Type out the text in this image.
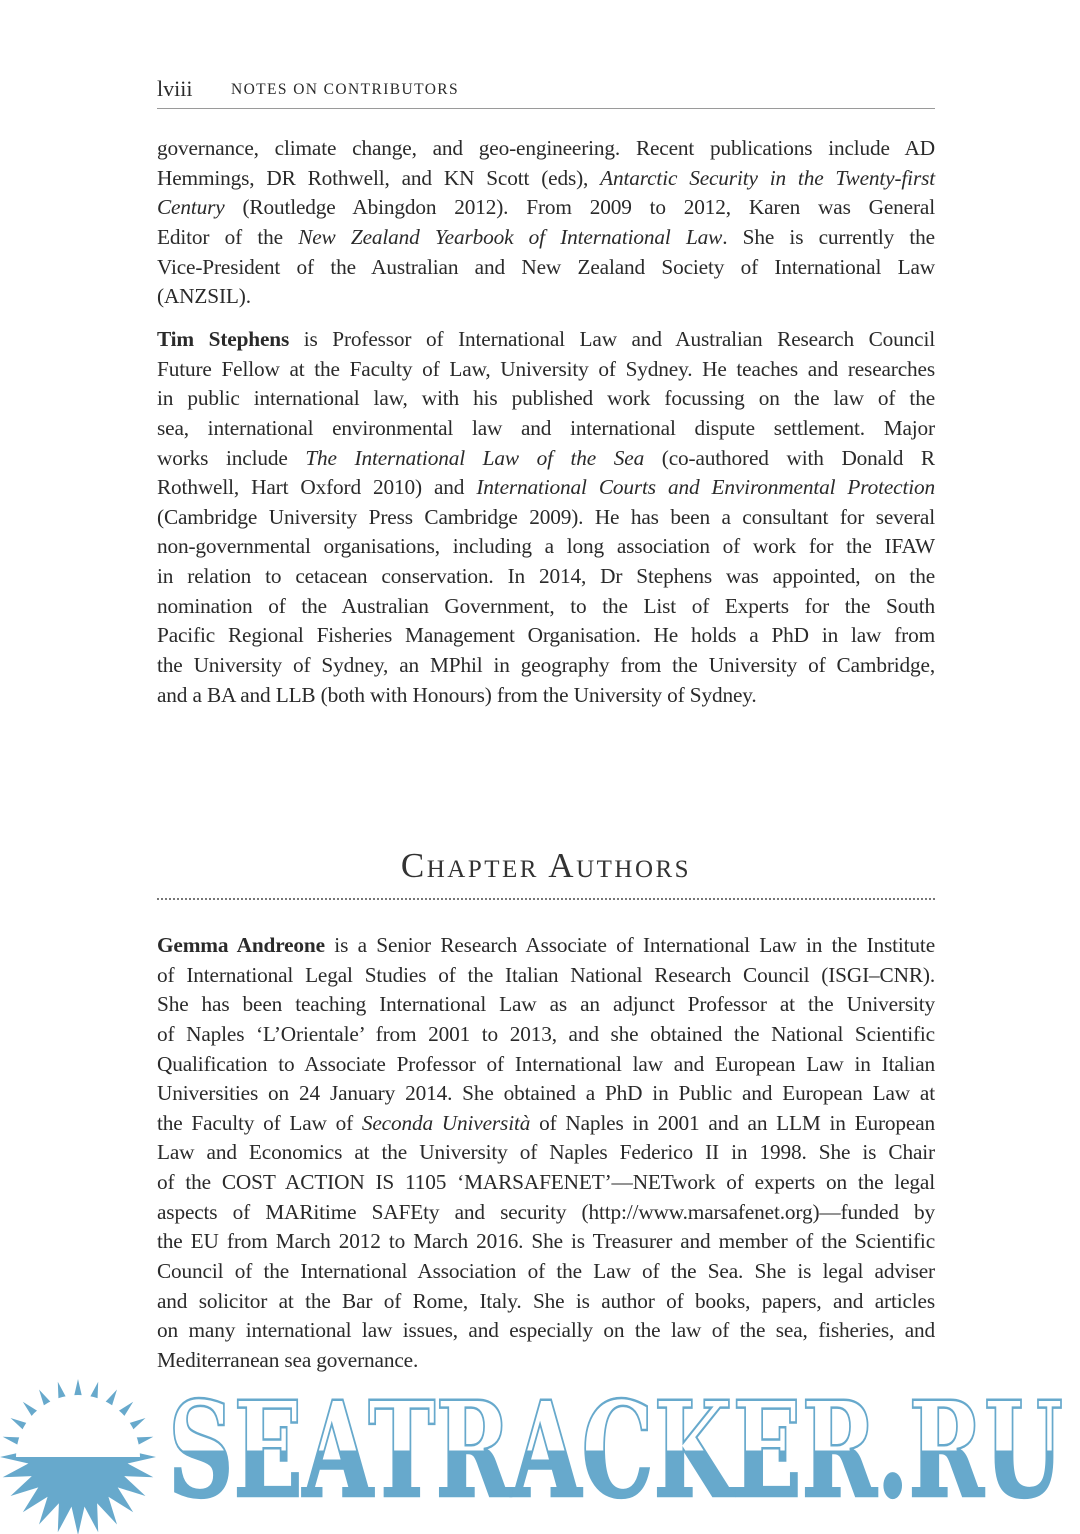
lviii NOTES ON CONTRIBUTORS
governance, climate change, and geo-engineering. Recent publications include AD
Hemmings, DR Rothwell, and KN Scott (eds), Antarctic Security in the Twenty-first
Century (Routledge Abingdon 2012). From 2009 to 2012, Karen was General
Editor of the New Zealand Yearbook of International Law. She is currently the
Vice-President of the Australian and New Zealand Society of International Law
(ANZSIL).
Tim Stephens is Professor of International Law and Australian Research Council
Future Fellow at the Faculty of Law, University of Sydney. He teaches and researches
in public international law, with his published work focussing on the law of the
sea, international environmental law and international dispute settlement. Major
works include The International Law of the Sea (co-authored with Donald R
Rothwell, Hart Oxford 2010) and International Courts and Environmental Protection
(Cambridge University Press Cambridge 2009). He has been a consultant for several
non-governmental organisations, including a long association of work for the IFAW
in relation to cetacean conservation. In 2014, Dr Stephens was appointed, on the
nomination of the Australian Government, to the List of Experts for the South
Pacific Regional Fisheries Management Organisation. He holds a PhD in law from
the University of Sydney, an MPhil in geography from the University of Cambridge,
and a BA and LLB (both with Honours) from the University of Sydney.
Chapter Authors
Gemma Andreone is a Senior Research Associate of International Law in the Institute
of International Legal Studies of the Italian National Research Council (ISGI–CNR).
She has been teaching International Law as an adjunct Professor at the University
of Naples ‘L’Orientale’ from 2001 to 2013, and she obtained the National Scientific
Qualification to Associate Professor of International law and European Law in Italian
Universities on 24 January 2014. She obtained a PhD in Public and European Law at
the Faculty of Law of Seconda Università of Naples in 2001 and an LLM in European
Law and Economics at the University of Naples Federico II in 1998. She is Chair
of the COST ACTION IS 1105 ‘MARSAFENET’—NETwork of experts on the legal
aspects of MARitime SAFEty and security (http://www.marsafenet.org)—funded by
the EU from March 2012 to March 2016. She is Treasurer and member of the Scientific
Council of the International Association of the Law of the Sea. She is legal adviser
and solicitor at the Bar of Rome, Italy. She is author of books, papers, and articles
on many international law issues, and especially on the law of the sea, fisheries, and
Mediterranean sea governance.
SEATRACKER.RU
